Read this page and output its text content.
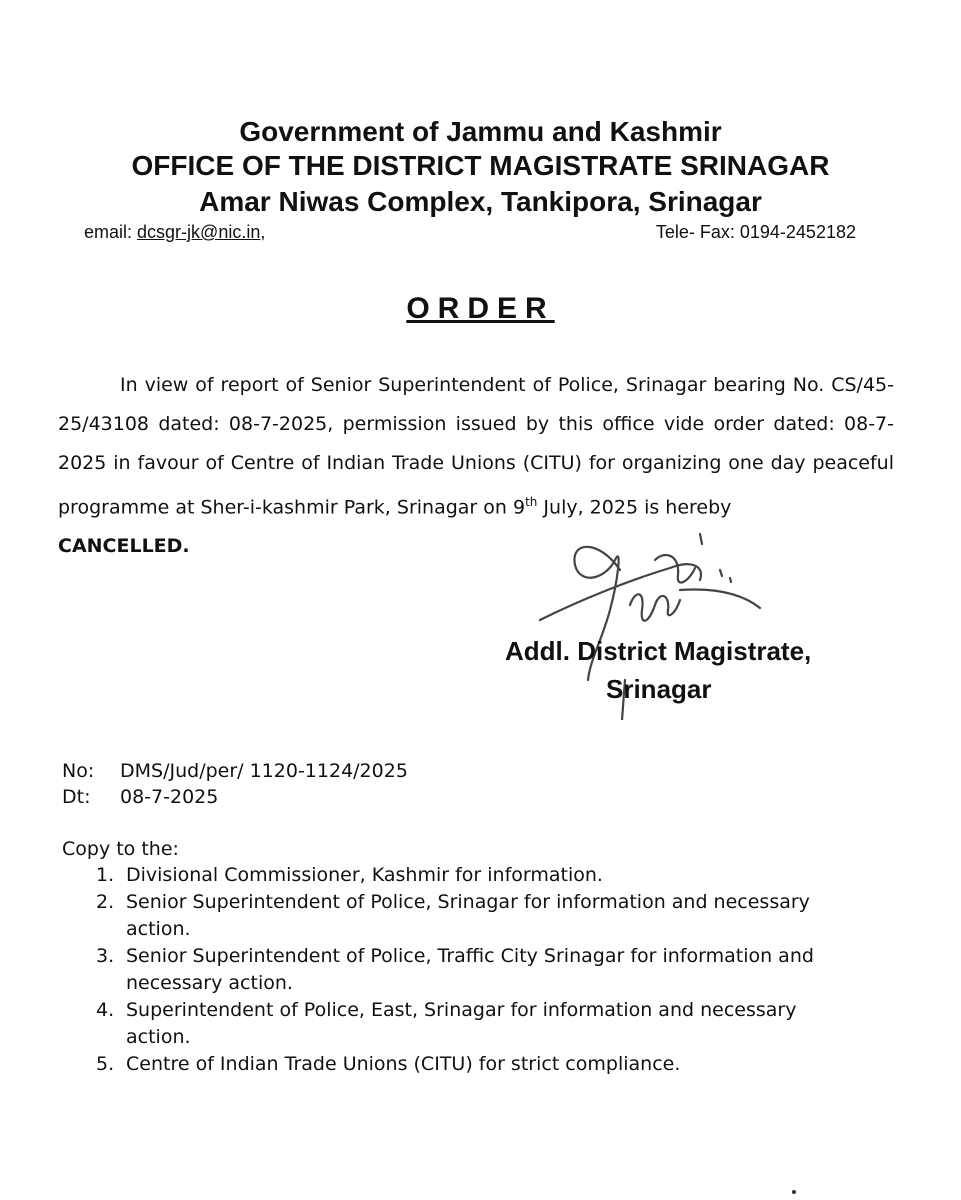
Government of Jammu and Kashmir
OFFICE OF THE DISTRICT MAGISTRATE SRINAGAR
Amar Niwas Complex, Tankipora, Srinagar
email: dcsgr-jk@nic.in,	Tele- Fax: 0194-2452182
ORDER
In view of report of Senior Superintendent of Police, Srinagar bearing No. CS/45-25/43108 dated: 08-7-2025, permission issued by this office vide order dated: 08-7-2025 in favour of Centre of Indian Trade Unions (CITU) for organizing one day peaceful programme at Sher-i-kashmir Park, Srinagar on 9th July, 2025 is hereby
CANCELLED.
Addl. District Magistrate,
Srinagar
No: DMS/Jud/per/ 1120-1124/2025
Dt: 08-7-2025
Copy to the:
1. Divisional Commissioner, Kashmir for information.
2. Senior Superintendent of Police, Srinagar for information and necessary action.
3. Senior Superintendent of Police, Traffic City Srinagar for information and necessary action.
4. Superintendent of Police, East, Srinagar for information and necessary action.
5. Centre of Indian Trade Unions (CITU) for strict compliance.
